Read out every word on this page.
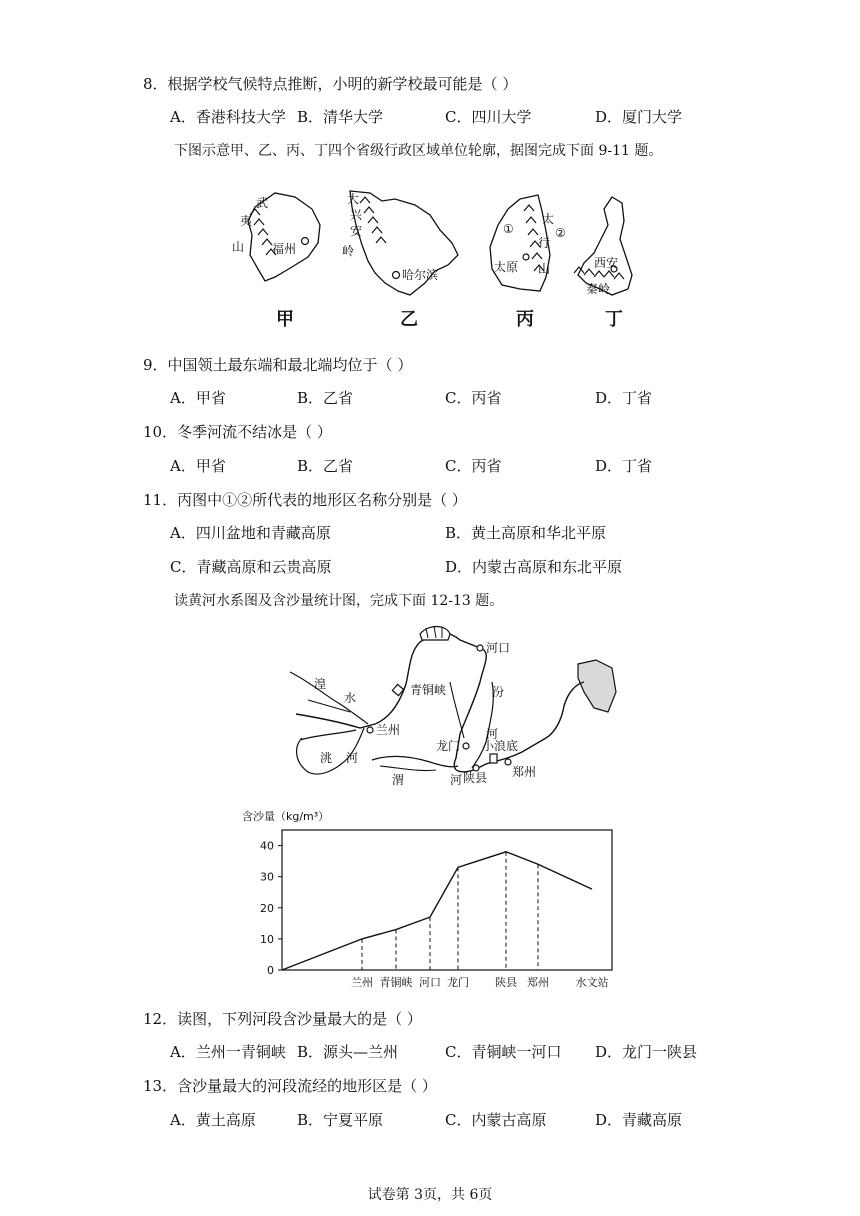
8．根据学校气候特点推断，小明的新学校最可能是（ ）
A．香港科技大学 B．清华大学	C．四川大学	D．厦门大学
下图示意甲、乙、丙、丁四个省级行政区域单位轮廓，据图完成下面 9-11 题。
武
夷
山 福州
大
兴
安
岭
哈尔滨
①	②
太
行
山
太原	西安
秦岭
甲	乙	丙	丁
9．中国领土最东端和最北端均位于（ ）
A．甲省	B．乙省	C．丙省	D．丁省
10．冬季河流不结冰是（ ）
A．甲省	B．乙省	C．丙省	D．丁省
11．丙图中①②所代表的地形区名称分别是（ ）
A．四川盆地和青藏高原	B．黄土高原和华北平原
C．青藏高原和云贵高原	D．内蒙古高原和东北平原
读黄河水系图及含沙量统计图，完成下面 12-13 题。
河口
青铜峡
兰州
龙门 小浪底
陕县 郑州
湟
水
洮 河
汾
河
渭	河
含沙量（kg/m³）
0
10
20
30
40
兰州 青铜峡 河口 龙门 陕县 郑州 水文站
12．读图，下列河段含沙量最大的是（ ）
A．兰州一青铜峡 B．源头—兰州	C．青铜峡一河口 D．龙门一陕县
13．含沙量最大的河段流经的地形区是（ ）
A．黄土高原	B．宁夏平原	C．内蒙古高原	D．青藏高原
试卷第 3页，共 6页
